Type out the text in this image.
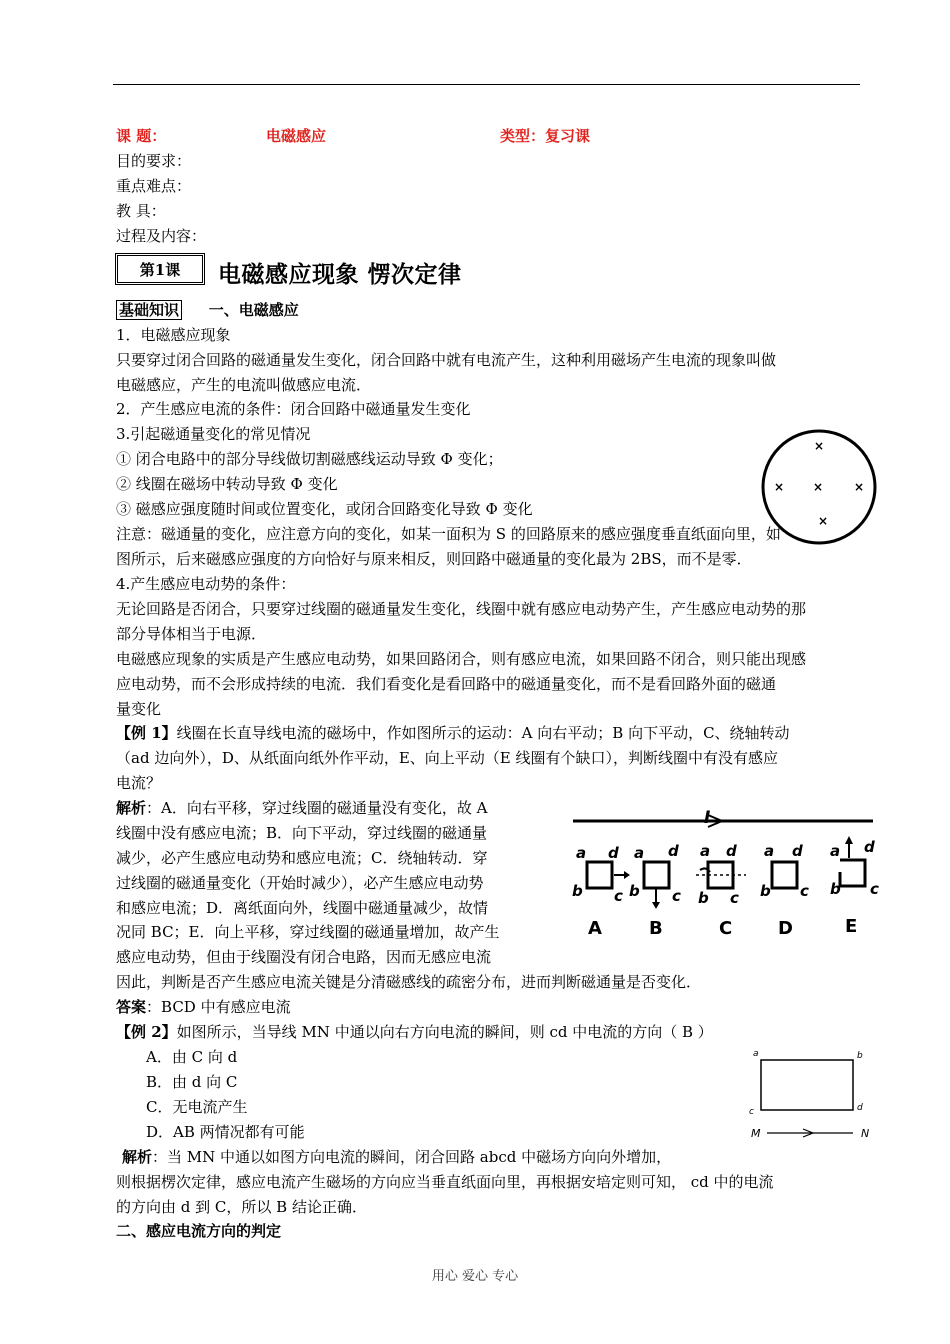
课 题：	电磁感应	类型：复习课
目的要求：
重点难点：
教 具：
过程及内容：
第1课	电磁感应现象 愣次定律
基础知识 一、电磁感应
1．电磁感应现象
只要穿过闭合回路的磁通量发生变化，闭合回路中就有电流产生，这种利用磁场产生电流的现象叫做
电磁感应，产生的电流叫做感应电流．
2．产生感应电流的条件：闭合回路中磁通量发生变化
3.引起磁通量变化的常见情况
① 闭合电路中的部分导线做切割磁感线运动导致 Φ 变化；
② 线圈在磁场中转动导致 Φ 变化
③ 磁感应强度随时间或位置变化，或闭合回路变化导致 Φ 变化
注意：磁通量的变化，应注意方向的变化，如某一面积为 S 的回路原来的感应强度垂直纸面向里，如
图所示，后来磁感应强度的方向恰好与原来相反，则回路中磁通量的变化最为 2BS，而不是零．
4.产生感应电动势的条件：
无论回路是否闭合，只要穿过线圈的磁通量发生变化，线圈中就有感应电动势产生，产生感应电动势的那
部分导体相当于电源．
电磁感应现象的实质是产生感应电动势，如果回路闭合，则有感应电流，如果回路不闭合，则只能出现感
应电动势，而不会形成持续的电流．我们看变化是看回路中的磁通量变化，而不是看回路外面的磁通
量变化
×
× ×	×
×
【例 1】线圈在长直导线电流的磁场中，作如图所示的运动：A 向右平动；B 向下平动，C、绕轴转动
（ad 边向外），D、从纸面向纸外作平动，E、向上平动（E 线圈有个缺口），判断线圈中有没有感应
电流？
解析：A．向右平移，穿过线圈的磁通量没有变化，故 A
线圈中没有感应电流；B．向下平动，穿过线圈的磁通量
减少，必产生感应电动势和感应电流；C．绕轴转动．穿
过线圈的磁通量变化（开始时减少），必产生感应电动势
和感应电流；D．离纸面向外，线圈中磁通量减少，故情
况同 BC；E．向上平移，穿过线圈的磁通量增加，故产生
感应电动势，但由于线圈没有闭合电路，因而无感应电流
因此，判断是否产生感应电流关键是分清磁感线的疏密分布，进而判断磁通量是否变化．
答案：BCD 中有感应电流
I
a d
b c
A
a d
b c
B
a d
b c
C
a d
b c
D
a d
b c
E
【例 2】如图所示，当导线 MN 中通以向右方向电流的瞬间，则 cd 中电流的方向（ B ）
A．由 C 向 d
B．由 d 向 C
C．无电流产生
D．AB 两情况都有可能
解析：当 MN 中通以如图方向电流的瞬间，闭合回路 abcd 中磁场方向向外增加，
则根据楞次定律，感应电流产生磁场的方向应当垂直纸面向里，再根据安培定则可知， cd 中的电流
的方向由 d 到 C，所以 B 结论正确．
二、感应电流方向的判定
a	b
c	d
M	N
用心 爱心 专心
